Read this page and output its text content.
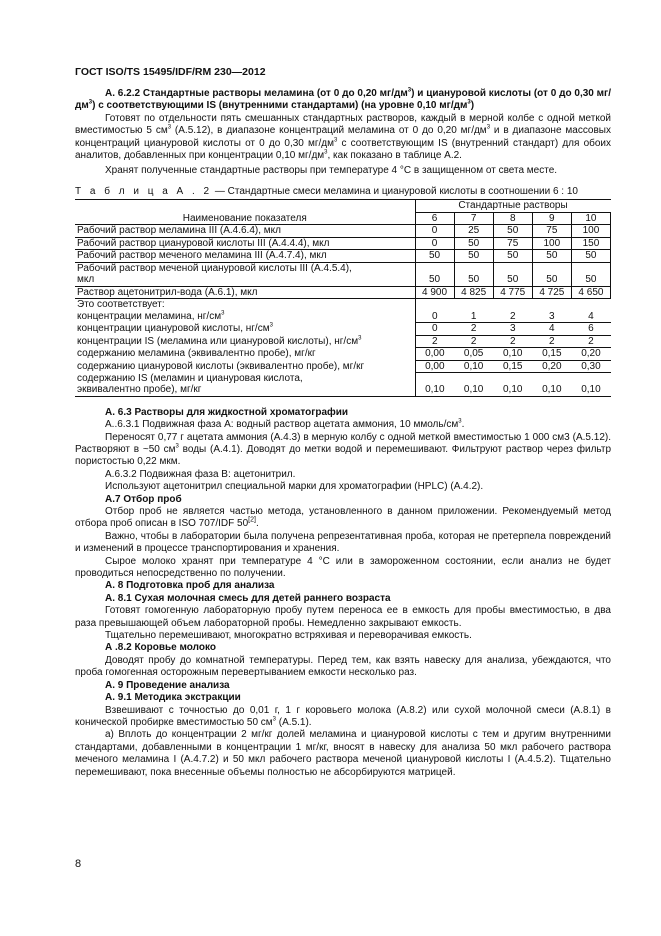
ГОСТ ISO/TS 15495/IDF/RM 230—2012

А. 6.2.2 Стандартные растворы меламина (от 0 до 0,20 $мг/дм^3$) и циануровой кислоты (от 0 до 0,30 $мг/дм^3$) с соответствующими IS (внутренними стандартами) (на уровне 0,10 $мг/дм^3$)

Готовят по отдельности пять смешанных стандартных растворов, каждый в мерной колбе с одной меткой вместимостью 5 $см^3$ (А.5.12), в диапазоне концентраций меламина от 0 до 0,20 $мг/дм^3$ и в диапазоне массовых концентраций циануровой кислоты от 0 до 0,30 $мг/дм^3$ с соответствующим IS (внутренний стандарт) для обоих аналитов, добавленных при концентрации 0,10 $мг/дм^3$, как показано в таблице А.2.

Хранят полученные стандартные растворы при температуре 4 °С в защищенном от света месте.

Т а б л и ц а А . 2 — Стандартные смеси меламина и циануровой кислоты в соотношении 6 : 10
Наименование показателя	Стандартные растворы				
	6	7	8	9	10
Рабочий раствор меламина III (А.4.6.4), мкл	0	25	50	75	100
Рабочий раствор циануровой кислоты III (А.4.4.4), мкл	0	50	75	100	150
Рабочий раствор меченого меламина III (А.4.7.4), мкл	50	50	50	50	50

Рабочий раствор меченой циануровой кислоты III (А.4.5.4),
мкл	50	50	50	50	50
Раствор ацетонитрил-вода (А.6.1), мкл	4 900	4 825	4 775	4 725	4 650
Это соответствует:					
концентрации меламина, $нг/см^3$	0	1	2	3	4
концентрации циануровой кислоты, $нг/см^3$	0	2	3	4	6
концентрации IS (меламина или циануровой кислоты), $нг/см^3$	2	2	2	2	2
содержанию меламина (эквивалентно пробе), мг/кг	0,00	0,05	0,10	0,15	0,20
содержанию циануровой кислоты (эквивалентно пробе), мг/кг	0,00	0,10	0,15	0,20	0,30

содержанию IS (меламин и циануровая кислота,
эквивалентно пробе), мг/кг	0,10	0,10	0,10	0,10	0,10

А. 6.3 Растворы для жидкостной хроматографии

А..6.3.1 Подвижная фаза А: водный раствор ацетата аммония, 10 ммоль/$см^3$.

Переносят 0,77 г ацетата аммония (А.4.3) в мерную колбу с одной меткой вместимостью 1 000 см3 (А.5.12). Растворяют в ~50 $см^3$ воды (А.4.1). Доводят до метки водой и перемешивают. Фильтруют раствор через фильтр пористостью 0,22 мкм.

А.6.3.2 Подвижная фаза В: ацетонитрил.

Используют ацетонитрил специальной марки для хроматографии (HPLC) (А.4.2).

А.7 Отбор проб

Отбор проб не является частью метода, установленного в данном приложении. Рекомендуемый метод отбора проб описан в ISO 707/IDF 50[2].

Важно, чтобы в лаборатории была получена репрезентативная проба, которая не претерпела повреждений и изменений в процессе транспортирования и хранения.

Сырое молоко хранят при температуре 4 °С или в замороженном состоянии, если анализ не будет проводиться непосредственно по получении.

А. 8 Подготовка проб для анализа

А. 8.1 Сухая молочная смесь для детей раннего возраста

Готовят гомогенную лабораторную пробу путем переноса ее в емкость для пробы вместимостью, в два раза превышающей объем лабораторной пробы. Немедленно закрывают емкость.

Тщательно перемешивают, многократно встряхивая и переворачивая емкость.

А .8.2 Коровье молоко

Доводят пробу до комнатной температуры. Перед тем, как взять навеску для анализа, убеждаются, что проба гомогенная осторожным перевертыванием емкости несколько раз.

А. 9 Проведение анализа

А. 9.1 Методика экстракции

Взвешивают с точностью до 0,01 г, 1 г коровьего молока (А.8.2) или сухой молочной смеси (А.8.1) в конической пробирке вместимостью 50 $см^3$ (А.5.1).

а) Вплоть до концентрации 2 мг/кг долей меламина и циануровой кислоты с тем и другим внутренними стандартами, добавленными в концентрации 1 мг/кг, вносят в навеску для анализа 50 мкл рабочего раствора меченого меламина I (А.4.7.2) и 50 мкл рабочего раствора меченой циануровой кислоты I (А.4.5.2). Тщательно перемешивают, пока внесенные объемы полностью не абсорбируются матрицей.

8
